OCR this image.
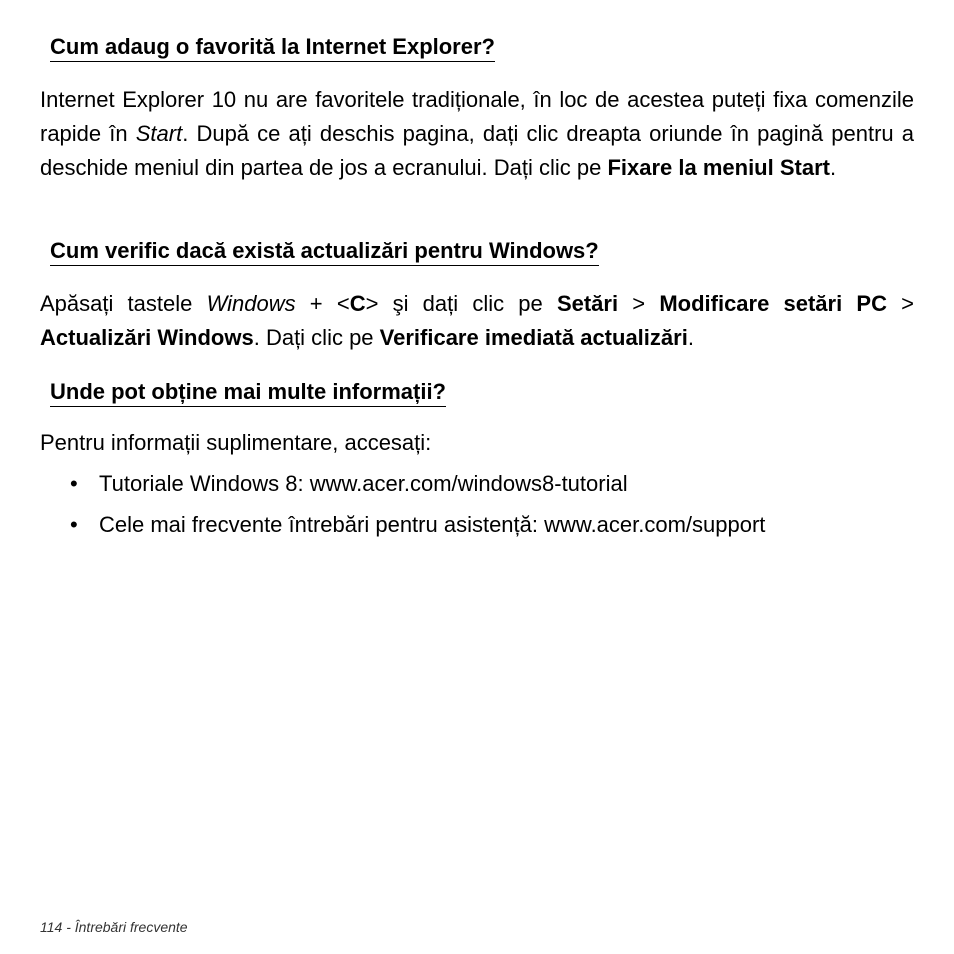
Cum adaug o favorită la Internet Explorer?

Internet Explorer 10 nu are favoritele tradiționale, în loc de acestea puteți fixa comenzile rapide în Start. După ce ați deschis pagina, dați clic dreapta oriunde în pagină pentru a deschide meniul din partea de jos a ecranului. Dați clic pe Fixare la meniul Start.

Cum verific dacă există actualizări pentru Windows?

Apăsați tastele Windows + <C> şi dați clic pe Setări > Modificare setări PC > Actualizări Windows. Dați clic pe Verificare imediată actualizări.

Unde pot obține mai multe informații?

Pentru informații suplimentare, accesați:

• Tutoriale Windows 8: www.acer.com/windows8-tutorial
• Cele mai frecvente întrebări pentru asistență: www.acer.com/support
114 - Întrebări frecvente
